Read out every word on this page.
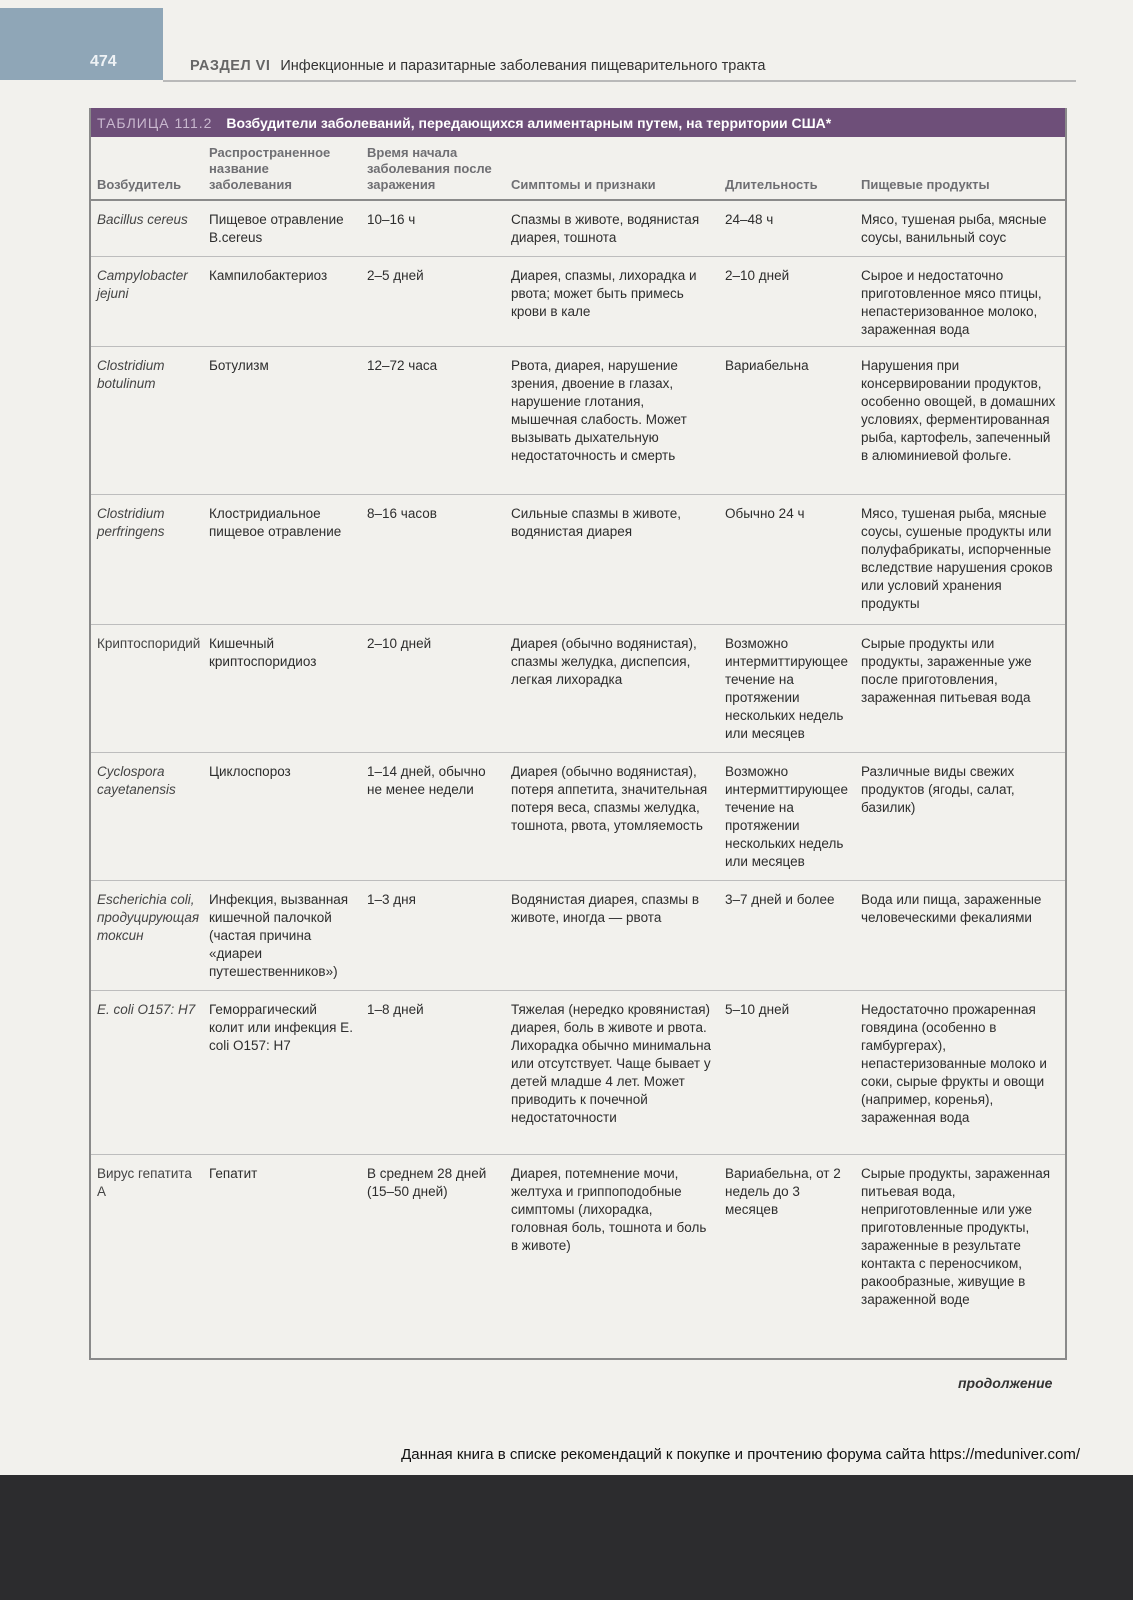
474	РАЗДЕЛ VI Инфекционные и паразитарные заболевания пищеварительного тракта
ТАБЛИЦА 111.2 Возбудители заболеваний, передающихся алиментарным путем, на территории США*
Возбудитель	Распространенное название заболевания	Время начала заболевания после заражения	Симптомы и признаки	Длительность	Пищевые продукты
Bacillus cereus	Пищевое отравление B.cereus	10–16 ч	Спазмы в животе, водянистая диарея, тошнота	24–48 ч	Мясо, тушеная рыба, мясные соусы, ванильный соус
Campylobacter jejuni	Кампилобактериоз	2–5 дней	Диарея, спазмы, лихорадка и рвота; может быть примесь крови в кале	2–10 дней	Сырое и недостаточно приготовленное мясо птицы, непастеризованное молоко, зараженная вода
Clostridium botulinum	Ботулизм	12–72 часа	Рвота, диарея, нарушение зрения, двоение в глазах, нарушение глотания, мышечная слабость. Может вызывать дыхательную недостаточность и смерть	Вариабельна	Нарушения при консервировании продуктов, особенно овощей, в домашних условиях, ферментированная рыба, картофель, запеченный в алюминиевой фольге.
Clostridium perfringens	Клостридиальное пищевое отравление	8–16 часов	Сильные спазмы в животе, водянистая диарея	Обычно 24 ч	Мясо, тушеная рыба, мясные соусы, сушеные продукты или полуфабрикаты, испорченные вследствие нарушения сроков или условий хранения продукты
Криптоспоридий	Кишечный криптоспоридиоз	2–10 дней	Диарея (обычно водянистая), спазмы желудка, диспепсия, легкая лихорадка	Возможно интермиттирующее течение на протяжении нескольких недель или месяцев	Сырые продукты или продукты, зараженные уже после приготовления, зараженная питьевая вода
Cyclospora cayetanensis	Циклоспороз	1–14 дней, обычно не менее недели	Диарея (обычно водянистая), потеря аппетита, значительная потеря веса, спазмы желудка, тошнота, рвота, утомляемость	Возможно интермиттирующее течение на протяжении нескольких недель или месяцев	Различные виды свежих продуктов (ягоды, салат, базилик)
Escherichia coli, продуцирующая токсин	Инфекция, вызванная кишечной палочкой (частая причина «диареи путешественников»)	1–3 дня	Водянистая диарея, спазмы в животе, иногда — рвота	3–7 дней и более	Вода или пища, зараженные человеческими фекалиями
E. coli O157: H7	Геморрагический колит или инфекция E. coli O157: H7	1–8 дней	Тяжелая (нередко кровянистая) диарея, боль в животе и рвота. Лихорадка обычно минимальна или отсутствует. Чаще бывает у детей младше 4 лет. Может приводить к почечной недостаточности	5–10 дней	Недостаточно прожаренная говядина (особенно в гамбургерах), непастеризованные молоко и соки, сырые фрукты и овощи (например, коренья), зараженная вода
Вирус гепатита А	Гепатит	В среднем 28 дней (15–50 дней)	Диарея, потемнение мочи, желтуха и гриппоподобные симптомы (лихорадка, головная боль, тошнота и боль в животе)	Вариабельна, от 2 недель до 3 месяцев	Сырые продукты, зараженная питьевая вода, неприготовленные или уже приготовленные продукты, зараженные в результате контакта с переносчиком, ракообразные, живущие в зараженной воде
продолжение
Данная книга в списке рекомендаций к покупке и прочтению форума сайта https://meduniver.com/
